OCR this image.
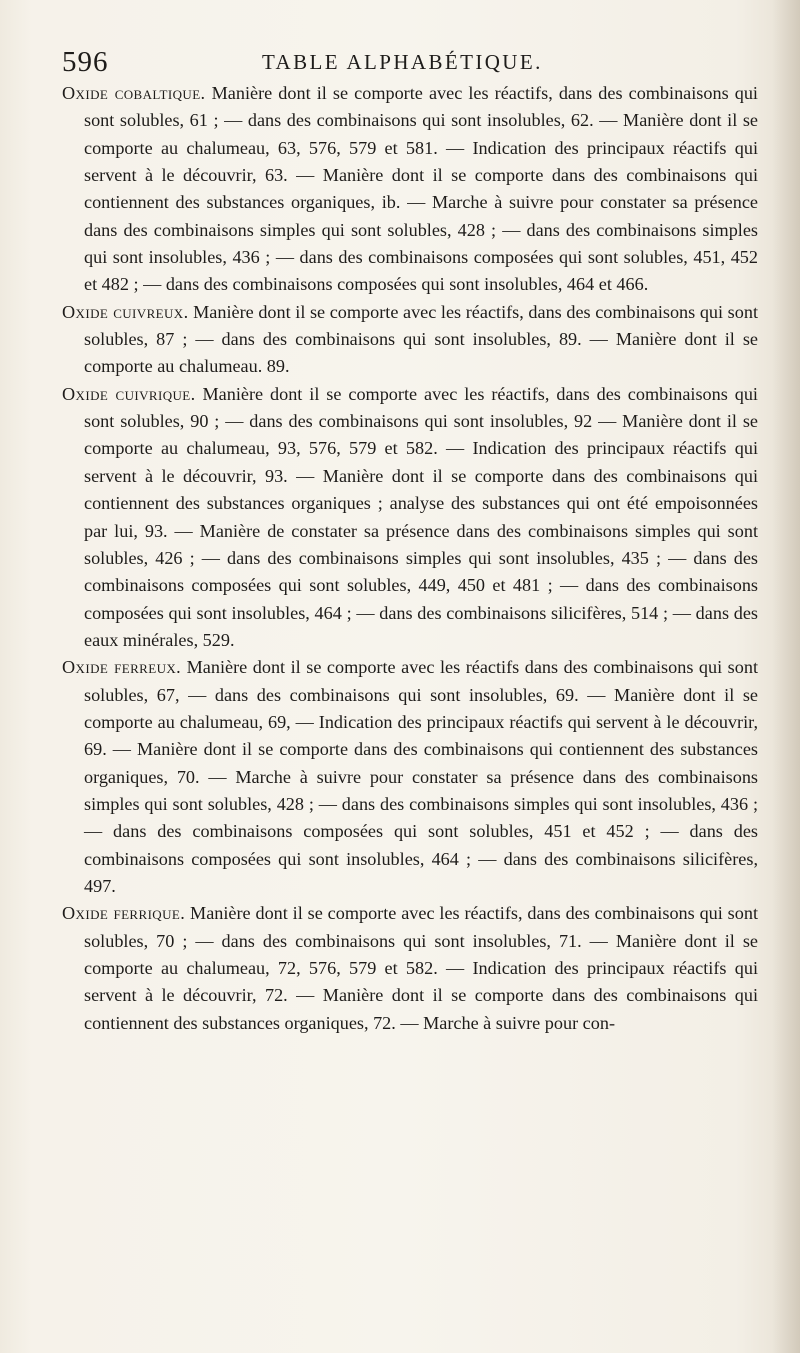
596	TABLE ALPHABÉTIQUE.

Oxide cobaltique. Manière dont il se comporte avec les réactifs, dans des combinaisons qui sont solubles, 61 ; — dans des combinaisons qui sont insolubles, 62. — Manière dont il se comporte au chalumeau, 63, 576, 579 et 581. — Indication des principaux réactifs qui servent à le découvrir, 63. — Manière dont il se comporte dans des combinaisons qui contiennent des substances organiques, ib. — Marche à suivre pour constater sa présence dans des combinaisons simples qui sont solubles, 428 ; — dans des combinaisons simples qui sont insolubles, 436 ; — dans des combinaisons composées qui sont solubles, 451, 452 et 482 ; — dans des combinaisons composées qui sont insolubles, 464 et 466.

Oxide cuivreux. Manière dont il se comporte avec les réactifs, dans des combinaisons qui sont solubles, 87 ; — dans des combinaisons qui sont insolubles, 89. — Manière dont il se comporte au chalumeau. 89.

Oxide cuivrique. Manière dont il se comporte avec les réactifs, dans des combinaisons qui sont solubles, 90 ; — dans des combinaisons qui sont insolubles, 92 — Manière dont il se comporte au chalumeau, 93, 576, 579 et 582. — Indication des principaux réactifs qui servent à le découvrir, 93. — Manière dont il se comporte dans des combinaisons qui contiennent des substances organiques ; analyse des substances qui ont été empoisonnées par lui, 93. — Manière de constater sa présence dans des combinaisons simples qui sont solubles, 426 ; — dans des combinaisons simples qui sont insolubles, 435 ; — dans des combinaisons composées qui sont solubles, 449, 450 et 481 ; — dans des combinaisons composées qui sont insolubles, 464 ; — dans des combinaisons silicifères, 514 ; — dans des eaux minérales, 529.

Oxide ferreux. Manière dont il se comporte avec les réactifs dans des combinaisons qui sont solubles, 67, — dans des combinaisons qui sont insolubles, 69. — Manière dont il se comporte au chalumeau, 69, — Indication des principaux réactifs qui servent à le découvrir, 69. — Manière dont il se comporte dans des combinaisons qui contiennent des substances organiques, 70. — Marche à suivre pour constater sa présence dans des combinaisons simples qui sont solubles, 428 ; — dans des combinaisons simples qui sont insolubles, 436 ; — dans des combinaisons composées qui sont solubles, 451 et 452 ; — dans des combinaisons composées qui sont insolubles, 464 ; — dans des combinaisons silicifères, 497.

Oxide ferrique. Manière dont il se comporte avec les réactifs, dans des combinaisons qui sont solubles, 70 ; — dans des combinaisons qui sont insolubles, 71. — Manière dont il se comporte au chalumeau, 72, 576, 579 et 582. — Indication des principaux réactifs qui servent à le découvrir, 72. — Manière dont il se comporte dans des combinaisons qui contiennent des substances organiques, 72. — Marche à suivre pour con-
